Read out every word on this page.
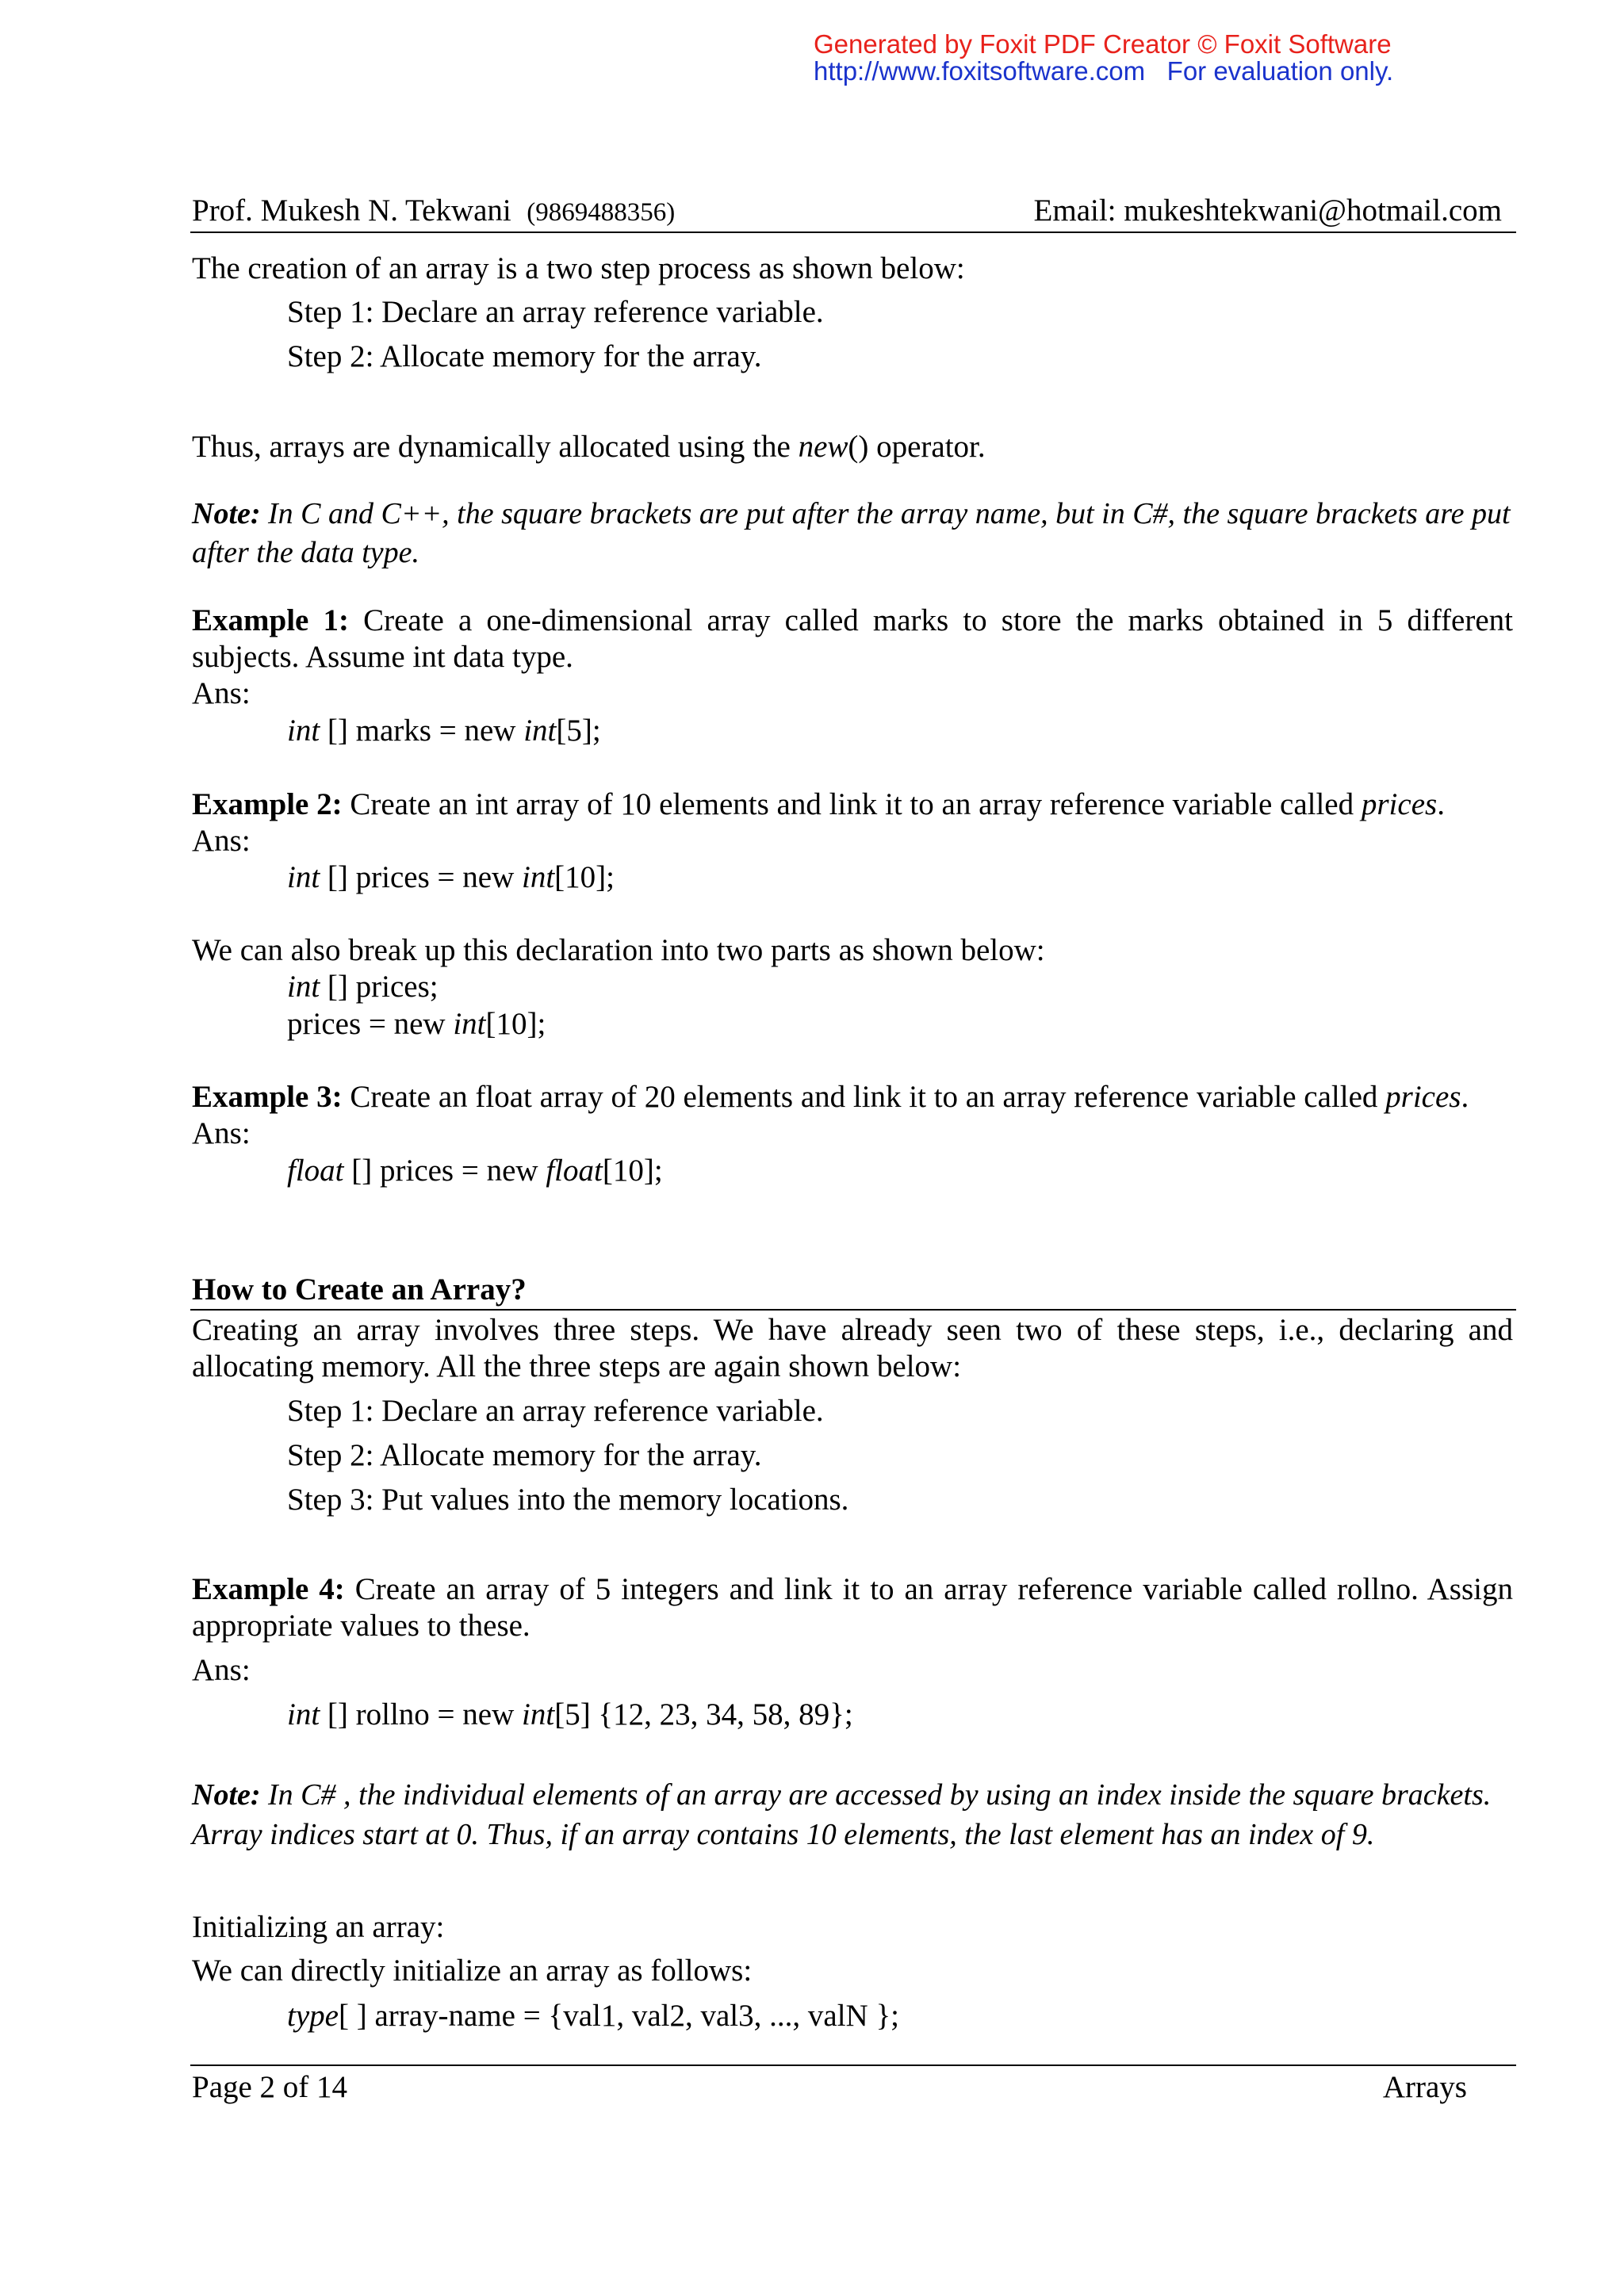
Generated by Foxit PDF Creator © Foxit Software
http://www.foxitsoftware.com For evaluation only.
Prof. Mukesh N. Tekwani (9869488356)	Email: mukeshtekwani@hotmail.com
The creation of an array is a two step process as shown below:
Step 1: Declare an array reference variable.
Step 2: Allocate memory for the array.
Thus, arrays are dynamically allocated using the new() operator.
Note: In C and C++, the square brackets are put after the array name, but in C#, the square brackets are put
after the data type.
Example 1: Create a one-dimensional array called marks to store the marks obtained in 5 different
subjects. Assume int data type.
Ans:
int [] marks = new int[5];
Example 2: Create an int array of 10 elements and link it to an array reference variable called prices.
Ans:
int [] prices = new int[10];
We can also break up this declaration into two parts as shown below:
int [] prices;
prices = new int[10];
Example 3: Create an float array of 20 elements and link it to an array reference variable called prices.
Ans:
float [] prices = new float[10];
How to Create an Array?
Creating an array involves three steps. We have already seen two of these steps, i.e., declaring and
allocating memory. All the three steps are again shown below:
Step 1: Declare an array reference variable.
Step 2: Allocate memory for the array.
Step 3: Put values into the memory locations.
Example 4: Create an array of 5 integers and link it to an array reference variable called rollno. Assign
appropriate values to these.
Ans:
int [] rollno = new int[5] {12, 23, 34, 58, 89};
Note: In C# , the individual elements of an array are accessed by using an index inside the square brackets.
Array indices start at 0. Thus, if an array contains 10 elements, the last element has an index of 9.
Initializing an array:
We can directly initialize an array as follows:
type[ ] array-name = {val1, val2, val3, ..., valN };
Page 2 of 14	Arrays
